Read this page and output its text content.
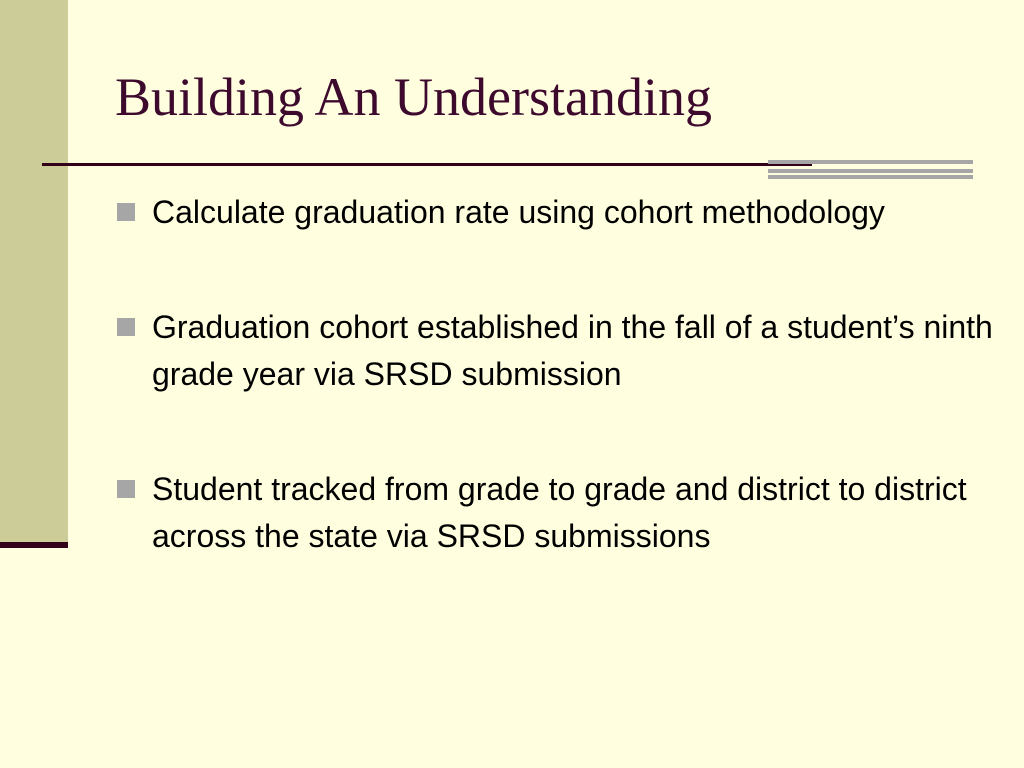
Building An Understanding
Calculate graduation rate using cohort methodology
Graduation cohort established in the fall of a student’s ninth grade year via SRSD submission
Student tracked from grade to grade and district to district across the state via SRSD submissions
